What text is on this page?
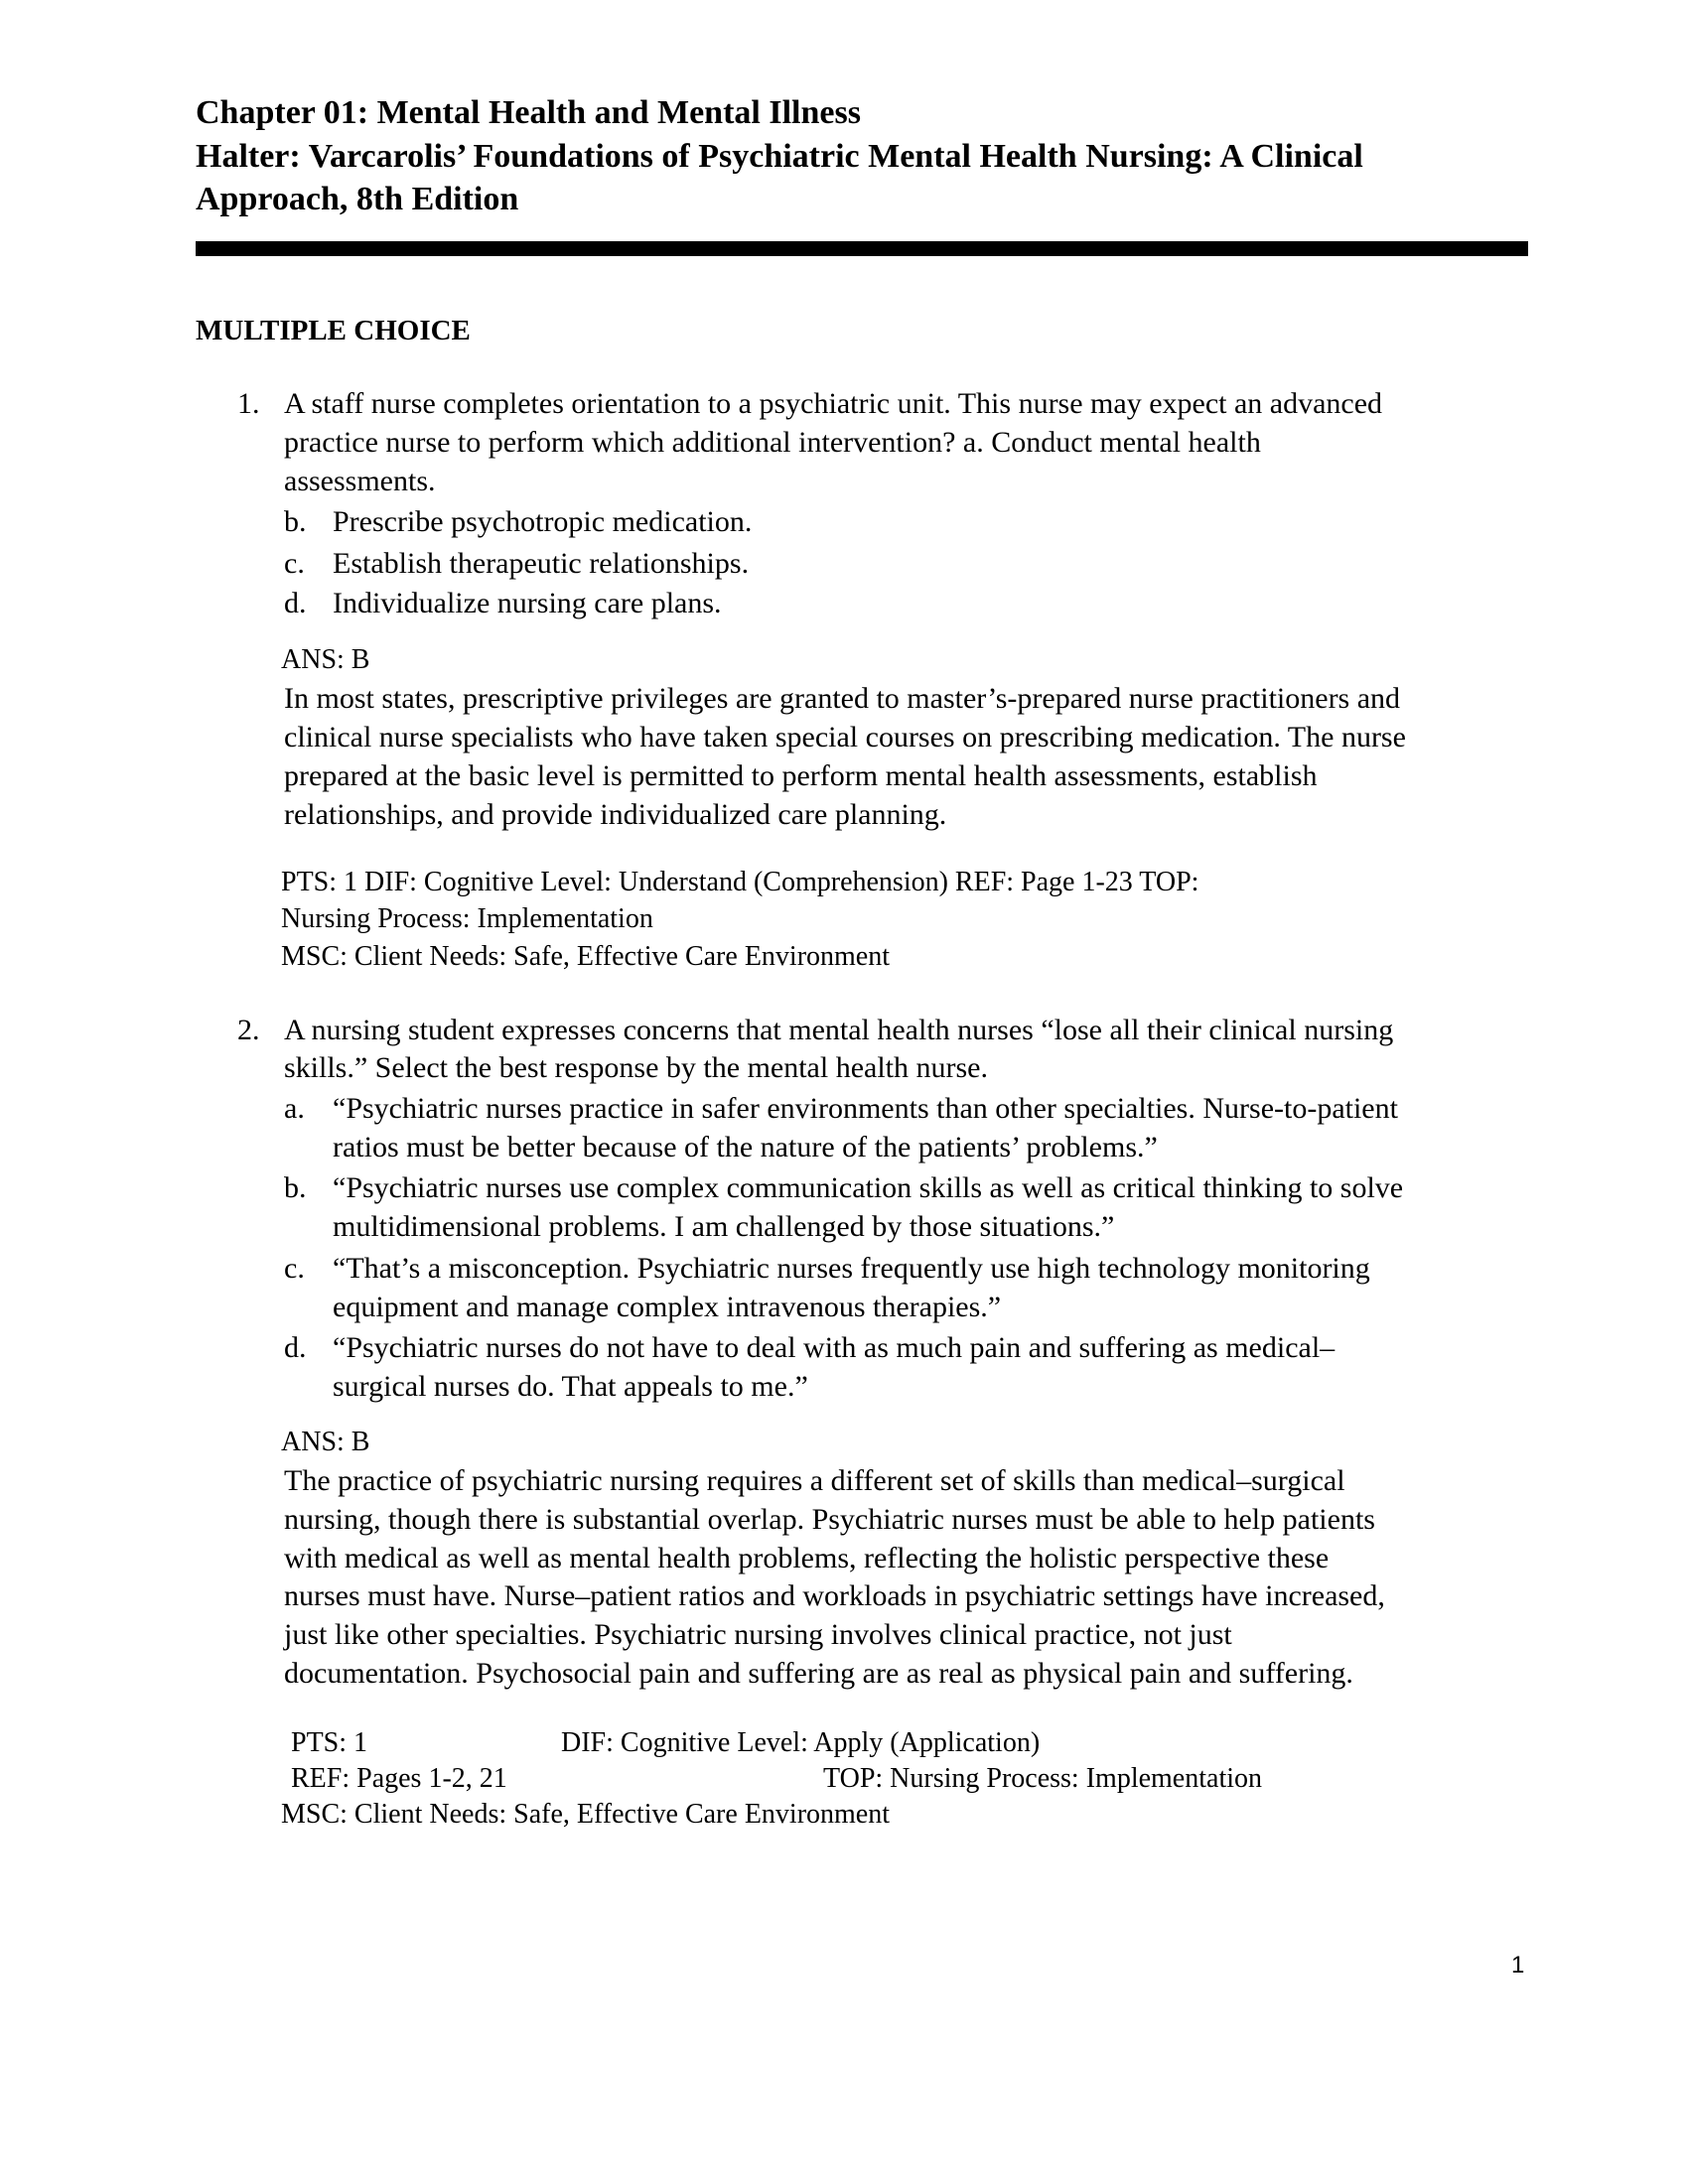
Chapter 01: Mental Health and Mental Illness
Halter: Varcarolis’ Foundations of Psychiatric Mental Health Nursing: A Clinical
Approach, 8th Edition
MULTIPLE CHOICE
1. A staff nurse completes orientation to a psychiatric unit. This nurse may expect an advanced
practice nurse to perform which additional intervention? a. Conduct mental health
assessments.
b. Prescribe psychotropic medication.
c. Establish therapeutic relationships.
d. Individualize nursing care plans.
ANS: B
In most states, prescriptive privileges are granted to master’s-prepared nurse practitioners and
clinical nurse specialists who have taken special courses on prescribing medication. The nurse
prepared at the basic level is permitted to perform mental health assessments, establish
relationships, and provide individualized care planning.
PTS: 1 DIF: Cognitive Level: Understand (Comprehension) REF: Page 1-23 TOP:
Nursing Process: Implementation
MSC: Client Needs: Safe, Effective Care Environment
2. A nursing student expresses concerns that mental health nurses “lose all their clinical nursing
skills.” Select the best response by the mental health nurse.
a. “Psychiatric nurses practice in safer environments than other specialties. Nurse-to-patient
ratios must be better because of the nature of the patients’ problems.”
b. “Psychiatric nurses use complex communication skills as well as critical thinking to solve
multidimensional problems. I am challenged by those situations.”
c. “That’s a misconception. Psychiatric nurses frequently use high technology monitoring
equipment and manage complex intravenous therapies.”
d. “Psychiatric nurses do not have to deal with as much pain and suffering as medical–
surgical nurses do. That appeals to me.”
ANS: B
The practice of psychiatric nursing requires a different set of skills than medical–surgical
nursing, though there is substantial overlap. Psychiatric nurses must be able to help patients
with medical as well as mental health problems, reflecting the holistic perspective these
nurses must have. Nurse–patient ratios and workloads in psychiatric settings have increased,
just like other specialties. Psychiatric nursing involves clinical practice, not just
documentation. Psychosocial pain and suffering are as real as physical pain and suffering.
PTS: 1	DIF: Cognitive Level: Apply (Application)
REF: Pages 1-2, 21	TOP: Nursing Process: Implementation
MSC: Client Needs: Safe, Effective Care Environment
1
